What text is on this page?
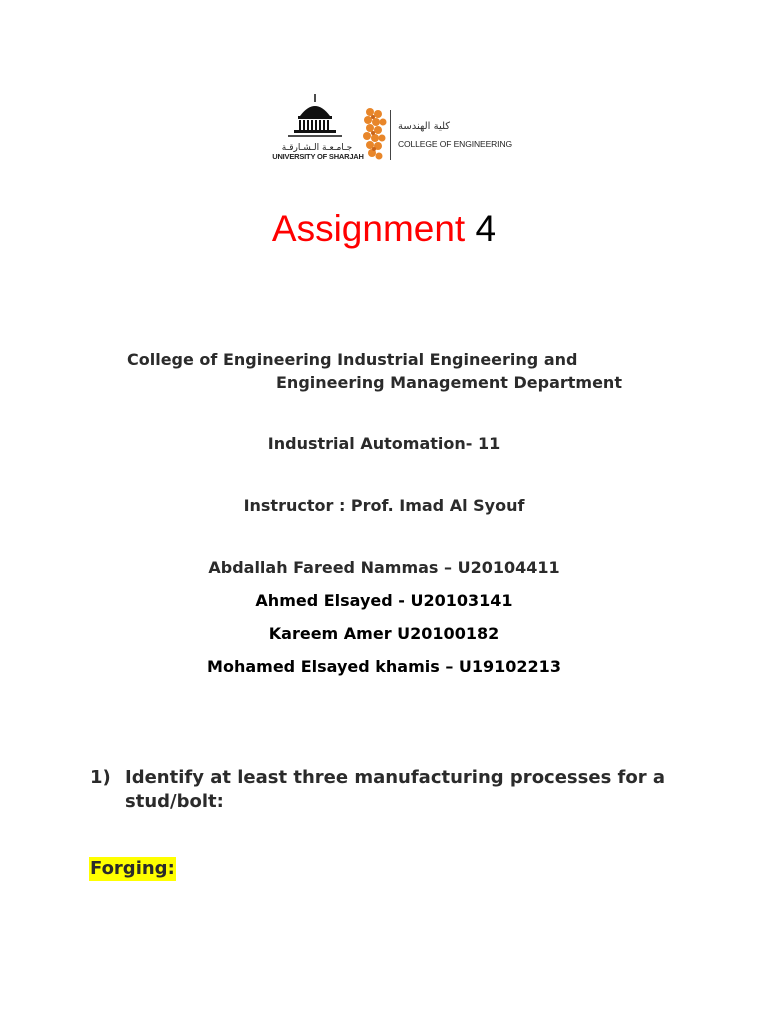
جـامـعـة الـشـارقـة
UNIVERSITY OF SHARJAH
كلية الهندسة
COLLEGE OF ENGINEERING
Assignment 4
College of Engineering Industrial Engineering and
Engineering Management Department
Industrial Automation- 11
Instructor : Prof. Imad Al Syouf
Abdallah Fareed Nammas – U20104411
Ahmed Elsayed - U20103141
Kareem Amer U20100182
Mohamed Elsayed khamis – U19102213
1) Identify at least three manufacturing processes for a stud/bolt:
Forging:
